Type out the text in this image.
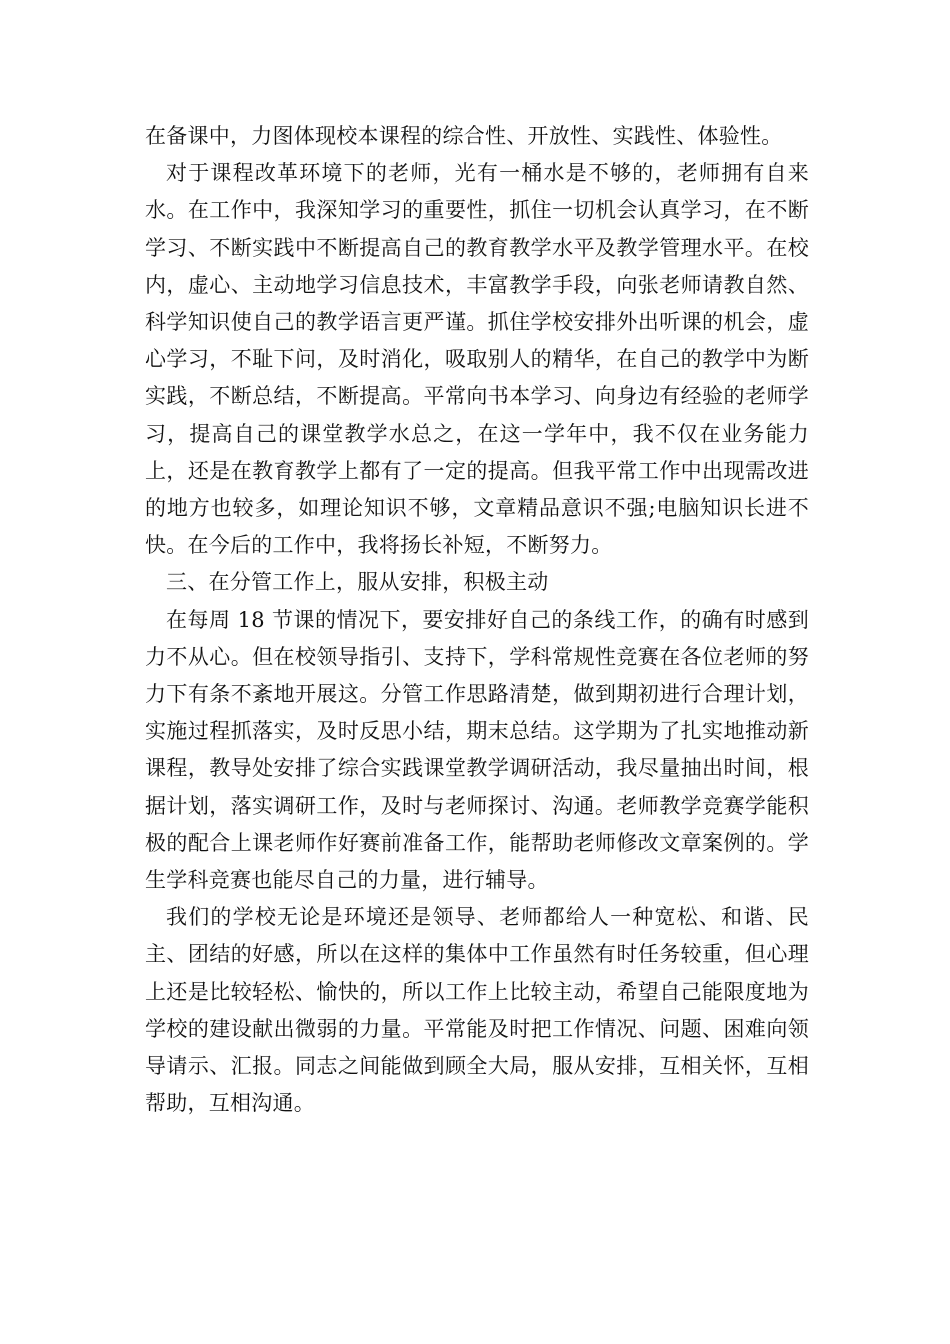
在备课中，力图体现校本课程的综合性、开放性、实践性、体验性。

对于课程改革环境下的老师，光有一桶水是不够的，老师拥有自来水。在工作中，我深知学习的重要性，抓住一切机会认真学习，在不断学习、不断实践中不断提高自己的教育教学水平及教学管理水平。在校内，虚心、主动地学习信息技术，丰富教学手段，向张老师请教自然、科学知识使自己的教学语言更严谨。抓住学校安排外出听课的机会，虚心学习，不耻下问，及时消化，吸取别人的精华，在自己的教学中为断实践，不断总结，不断提高。平常向书本学习、向身边有经验的老师学习，提高自己的课堂教学水总之，在这一学年中，我不仅在业务能力上，还是在教育教学上都有了一定的提高。但我平常工作中出现需改进的地方也较多，如理论知识不够，文章精品意识不强;电脑知识长进不快。在今后的工作中，我将扬长补短，不断努力。

三、在分管工作上，服从安排，积极主动

在每周 18 节课的情况下，要安排好自己的条线工作，的确有时感到力不从心。但在校领导指引、支持下，学科常规性竞赛在各位老师的努力下有条不紊地开展这。分管工作思路清楚，做到期初进行合理计划，实施过程抓落实，及时反思小结，期末总结。这学期为了扎实地推动新课程，教导处安排了综合实践课堂教学调研活动，我尽量抽出时间，根据计划，落实调研工作，及时与老师探讨、沟通。老师教学竞赛学能积极的配合上课老师作好赛前准备工作，能帮助老师修改文章案例的。学生学科竞赛也能尽自己的力量，进行辅导。

我们的学校无论是环境还是领导、老师都给人一种宽松、和谐、民主、团结的好感，所以在这样的集体中工作虽然有时任务较重，但心理上还是比较轻松、愉快的，所以工作上比较主动，希望自己能限度地为学校的建设献出微弱的力量。平常能及时把工作情况、问题、困难向领导请示、汇报。同志之间能做到顾全大局，服从安排，互相关怀，互相帮助，互相沟通。
